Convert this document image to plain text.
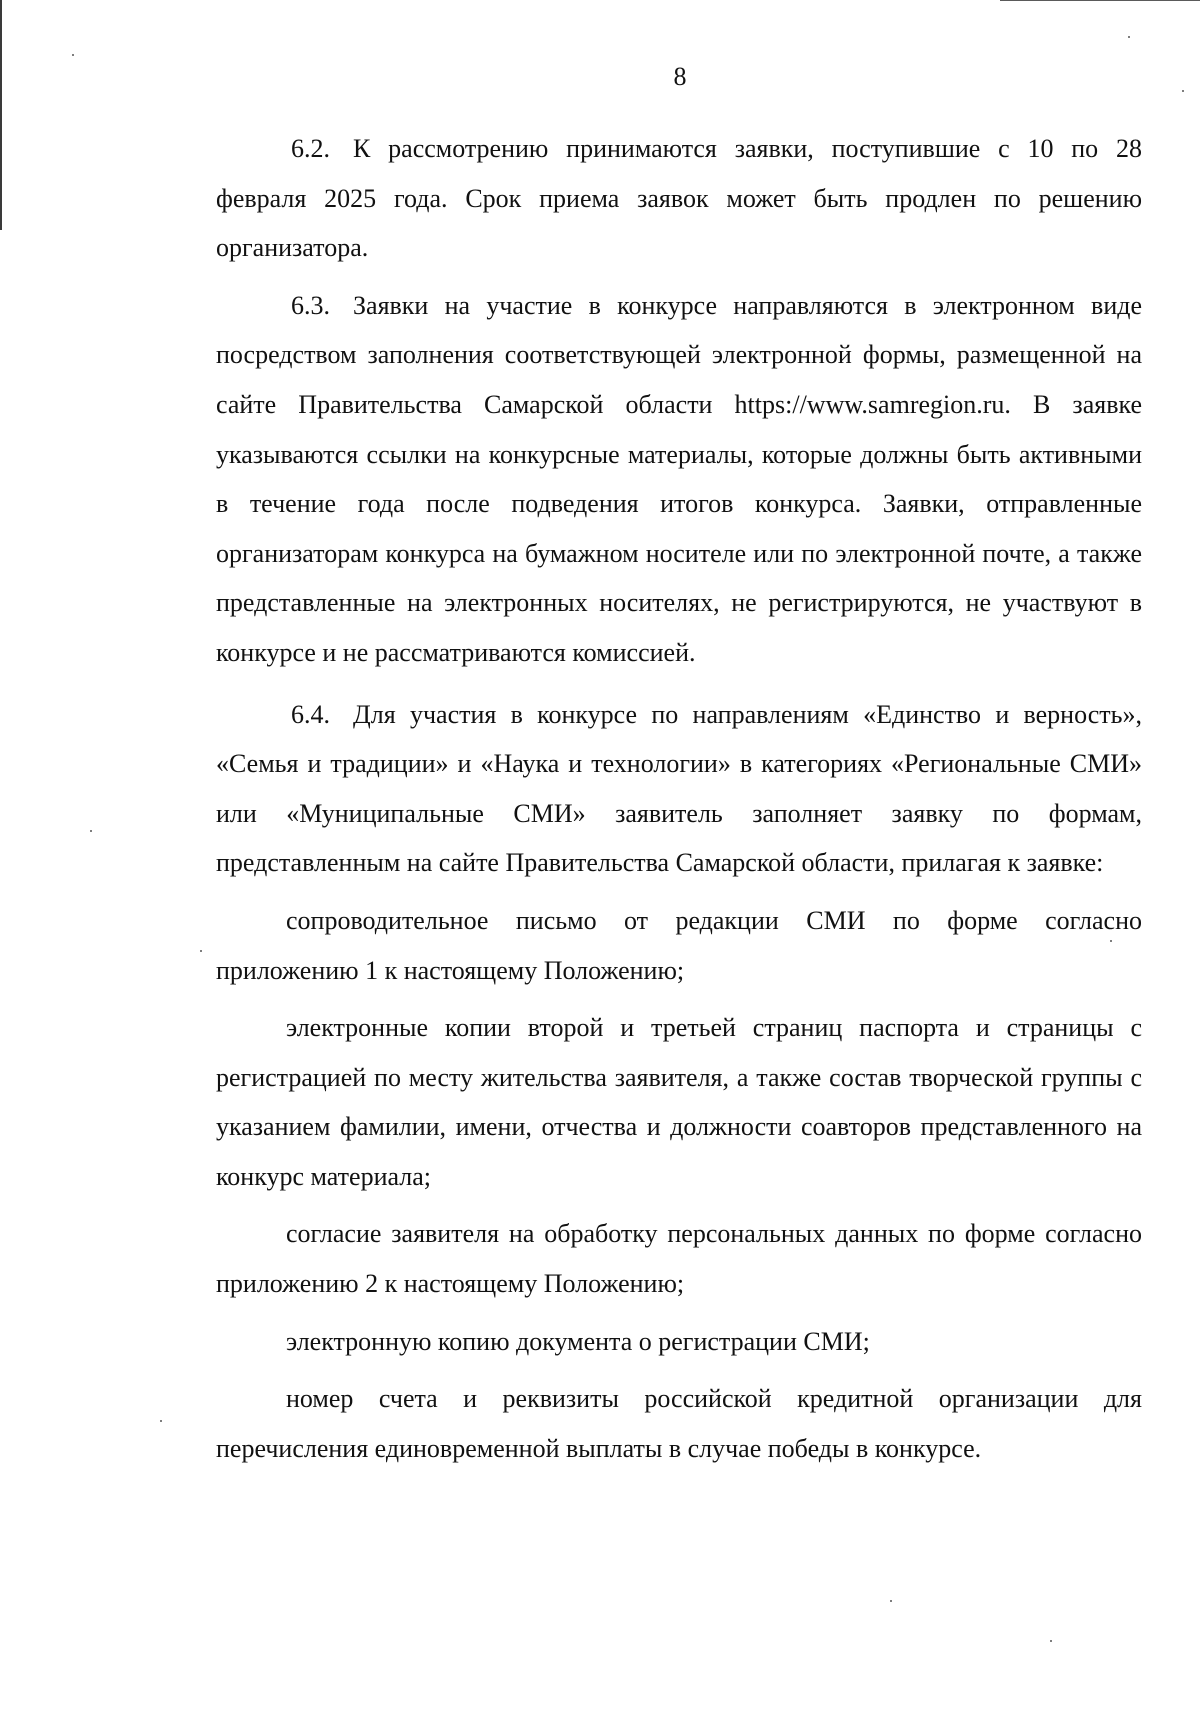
8

6.2. К рассмотрению принимаются заявки, поступившие с 10 по 28 февраля 2025 года. Срок приема заявок может быть продлен по решению организатора.

6.3. Заявки на участие в конкурсе направляются в электронном виде посредством заполнения соответствующей электронной формы, размещенной на сайте Правительства Самарской области https://www.samregion.ru. В заявке указываются ссылки на конкурсные материалы, которые должны быть активными в течение года после подведения итогов конкурса. Заявки, отправленные организаторам конкурса на бумажном носителе или по электронной почте, а также представленные на электронных носителях, не регистрируются, не участвуют в конкурсе и не рассматриваются комиссией.

6.4. Для участия в конкурсе по направлениям «Единство и верность», «Семья и традиции» и «Наука и технологии» в категориях «Региональные СМИ» или «Муниципальные СМИ» заявитель заполняет заявку по формам, представленным на сайте Правительства Самарской области, прилагая к заявке:

сопроводительное письмо от редакции СМИ по форме согласно приложению 1 к настоящему Положению;

электронные копии второй и третьей страниц паспорта и страницы с регистрацией по месту жительства заявителя, а также состав творческой группы с указанием фамилии, имени, отчества и должности соавторов представленного на конкурс материала;

согласие заявителя на обработку персональных данных по форме согласно приложению 2 к настоящему Положению;

электронную копию документа о регистрации СМИ;

номер счета и реквизиты российской кредитной организации для перечисления единовременной выплаты в случае победы в конкурсе.
